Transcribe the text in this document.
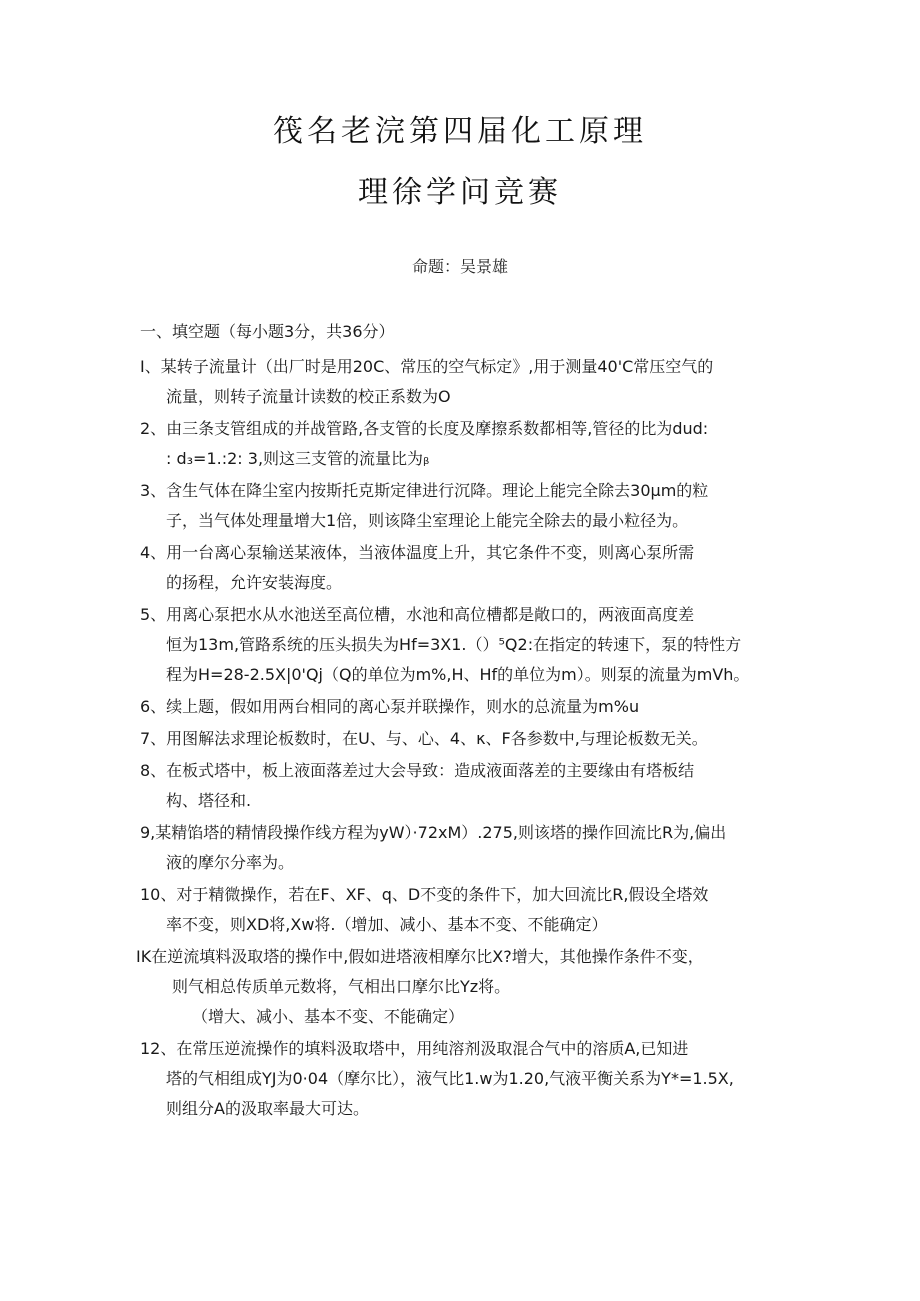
筏名老浣第四届化工原理
理徐学问竞赛
命题：吴景雄
一、填空题（每小题3分，共36分）
I、某转子流量计（出厂时是用20C、常压的空气标定》,用于测量40'C常压空气的
流量，则转子流量计读数的校正系数为O
2、由三条支管组成的并战管路,各支管的长度及摩擦系数都相等,管径的比为dud:
: d₃=1.:2: 3,则这三支管的流量比为ᵦ
3、含生气体在降尘室内按斯托克斯定律进行沉降。理论上能完全除去30μm的粒
子，当气体处理量增大1倍，则该降尘室理论上能完全除去的最小粒径为。
4、用一台离心泵输送某液体，当液体温度上升，其它条件不变，则离心泵所需
的扬程，允许安装海度。
5、用离心泵把水从水池送至高位槽，水池和高位槽都是敞口的，两液面高度差
恒为13m,管路系统的压头损失为Hf=3X1.（）⁵Q2:在指定的转速下，泵的特性方
程为H=28-2.5X|0'Qj（Q的单位为m%,H、Hf的单位为m）。则泵的流量为mVh。
6、续上题，假如用两台相同的离心泵并联操作，则水的总流量为m%u
7、用图解法求理论板数时，在U、与、心、4、κ、F各参数中,与理论板数无关。
8、在板式塔中，板上液面落差过大会导致：造成液面落差的主要缘由有塔板结
构、塔径和.
9,某精馅塔的精情段操作线方程为yW）·72xM）.275,则该塔的操作回流比R为,偏出
液的摩尔分率为。
10、对于精微操作，若在F、XF、q、D不变的条件下，加大回流比R,假设全塔效
率不变，则XD将,Xw将.（增加、减小、基本不变、不能确定）
IK在逆流填料汲取塔的操作中,假如进塔液相摩尔比X?增大，其他操作条件不变，
则气相总传质单元数将，气相出口摩尔比Yz将。
（增大、减小、基本不变、不能确定）
12、在常压逆流操作的填料汲取塔中，用纯溶剂汲取混合气中的溶质A,已知进
塔的气相组成YJ为0·04（摩尔比），液气比1.w为1.20,气液平衡关系为Y*=1.5X,
则组分A的汲取率最大可达。
